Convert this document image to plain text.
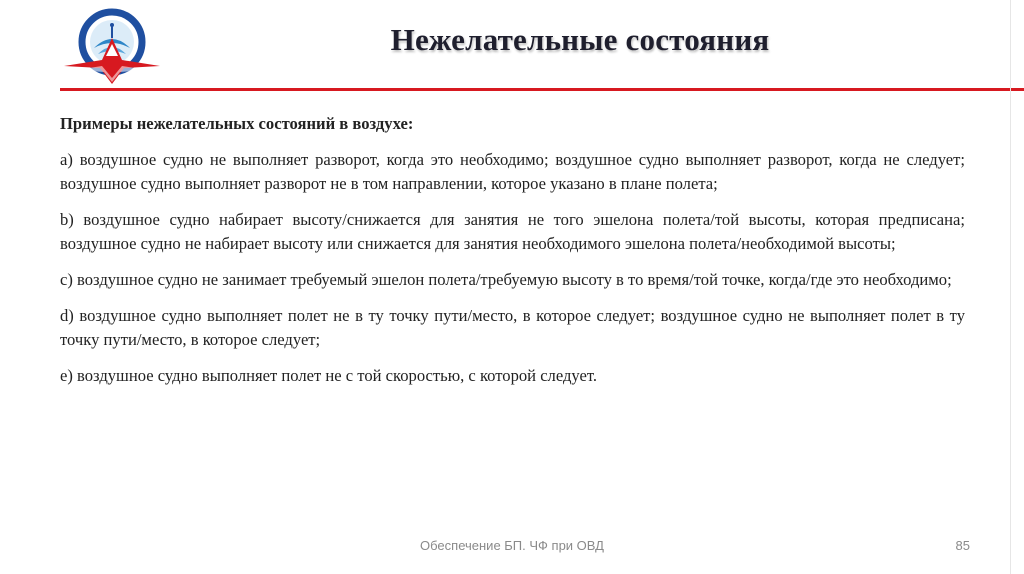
Нежелательные состояния

Примеры нежелательных состояний в воздухе:

a) воздушное судно не выполняет разворот, когда это необходимо; воздушное судно выполняет разворот, когда не следует; воздушное судно выполняет разворот не в том направлении, которое указано в плане полета;

b) воздушное судно набирает высоту/снижается для занятия не того эшелона полета/той высоты, которая предписана; воздушное судно не набирает высоту или снижается для занятия необходимого эшелона полета/необходимой высоты;

c) воздушное судно не занимает требуемый эшелон полета/требуемую высоту в то время/той точке, когда/где это необходимо;

d) воздушное судно выполняет полет не в ту точку пути/место, в которое следует; воздушное судно не выполняет полет в ту точку пути/место, в которое следует;

e) воздушное судно выполняет полет не с той скоростью, с которой следует.

Обеспечение БП. ЧФ при ОВД	85
